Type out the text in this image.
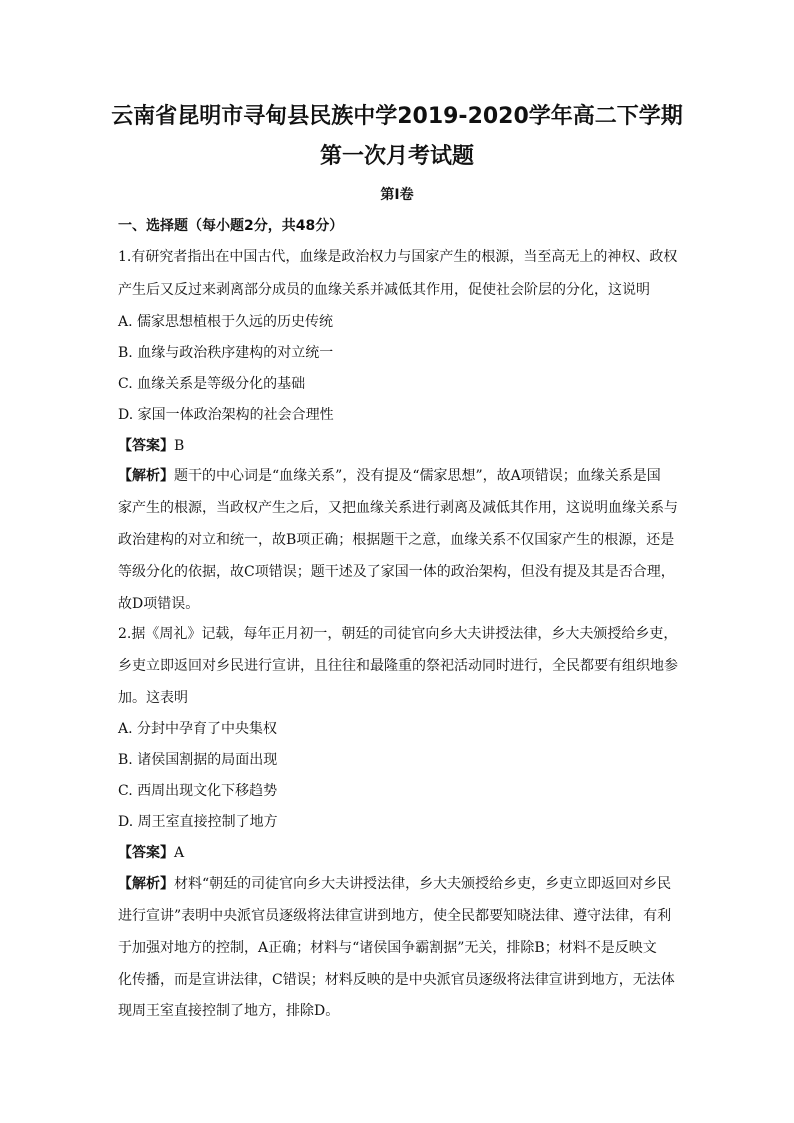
云南省昆明市寻甸县民族中学2019-2020学年高二下学期
第一次月考试题
第Ⅰ卷
一、选择题（每小题2分，共48分）
1.有研究者指出在中国古代，血缘是政治权力与国家产生的根源，当至高无上的神权、政权
产生后又反过来剥离部分成员的血缘关系并减低其作用，促使社会阶层的分化，这说明
A. 儒家思想植根于久远的历史传统
B. 血缘与政治秩序建构的对立统一
C. 血缘关系是等级分化的基础
D. 家国一体政治架构的社会合理性
【答案】B
【解析】题干的中心词是“血缘关系”，没有提及“儒家思想”，故A项错误；血缘关系是国
家产生的根源，当政权产生之后，又把血缘关系进行剥离及减低其作用，这说明血缘关系与
政治建构的对立和统一，故B项正确；根据题干之意，血缘关系不仅国家产生的根源，还是
等级分化的依据，故C项错误；题干述及了家国一体的政治架构，但没有提及其是否合理，
故D项错误。
2.据《周礼》记载，每年正月初一，朝廷的司徒官向乡大夫讲授法律，乡大夫颁授给乡吏，
乡吏立即返回对乡民进行宣讲，且往往和最隆重的祭祀活动同时进行，全民都要有组织地参
加。这表明
A. 分封中孕育了中央集权
B. 诸侯国割据的局面出现
C. 西周出现文化下移趋势
D. 周王室直接控制了地方
【答案】A
【解析】材料“朝廷的司徒官向乡大夫讲授法律，乡大夫颁授给乡吏，乡吏立即返回对乡民
进行宣讲”表明中央派官员逐级将法律宣讲到地方，使全民都要知晓法律、遵守法律，有利
于加强对地方的控制，A正确；材料与“诸侯国争霸割据”无关，排除B；材料不是反映文
化传播，而是宣讲法律，C错误；材料反映的是中央派官员逐级将法律宣讲到地方，无法体
现周王室直接控制了地方，排除D。
